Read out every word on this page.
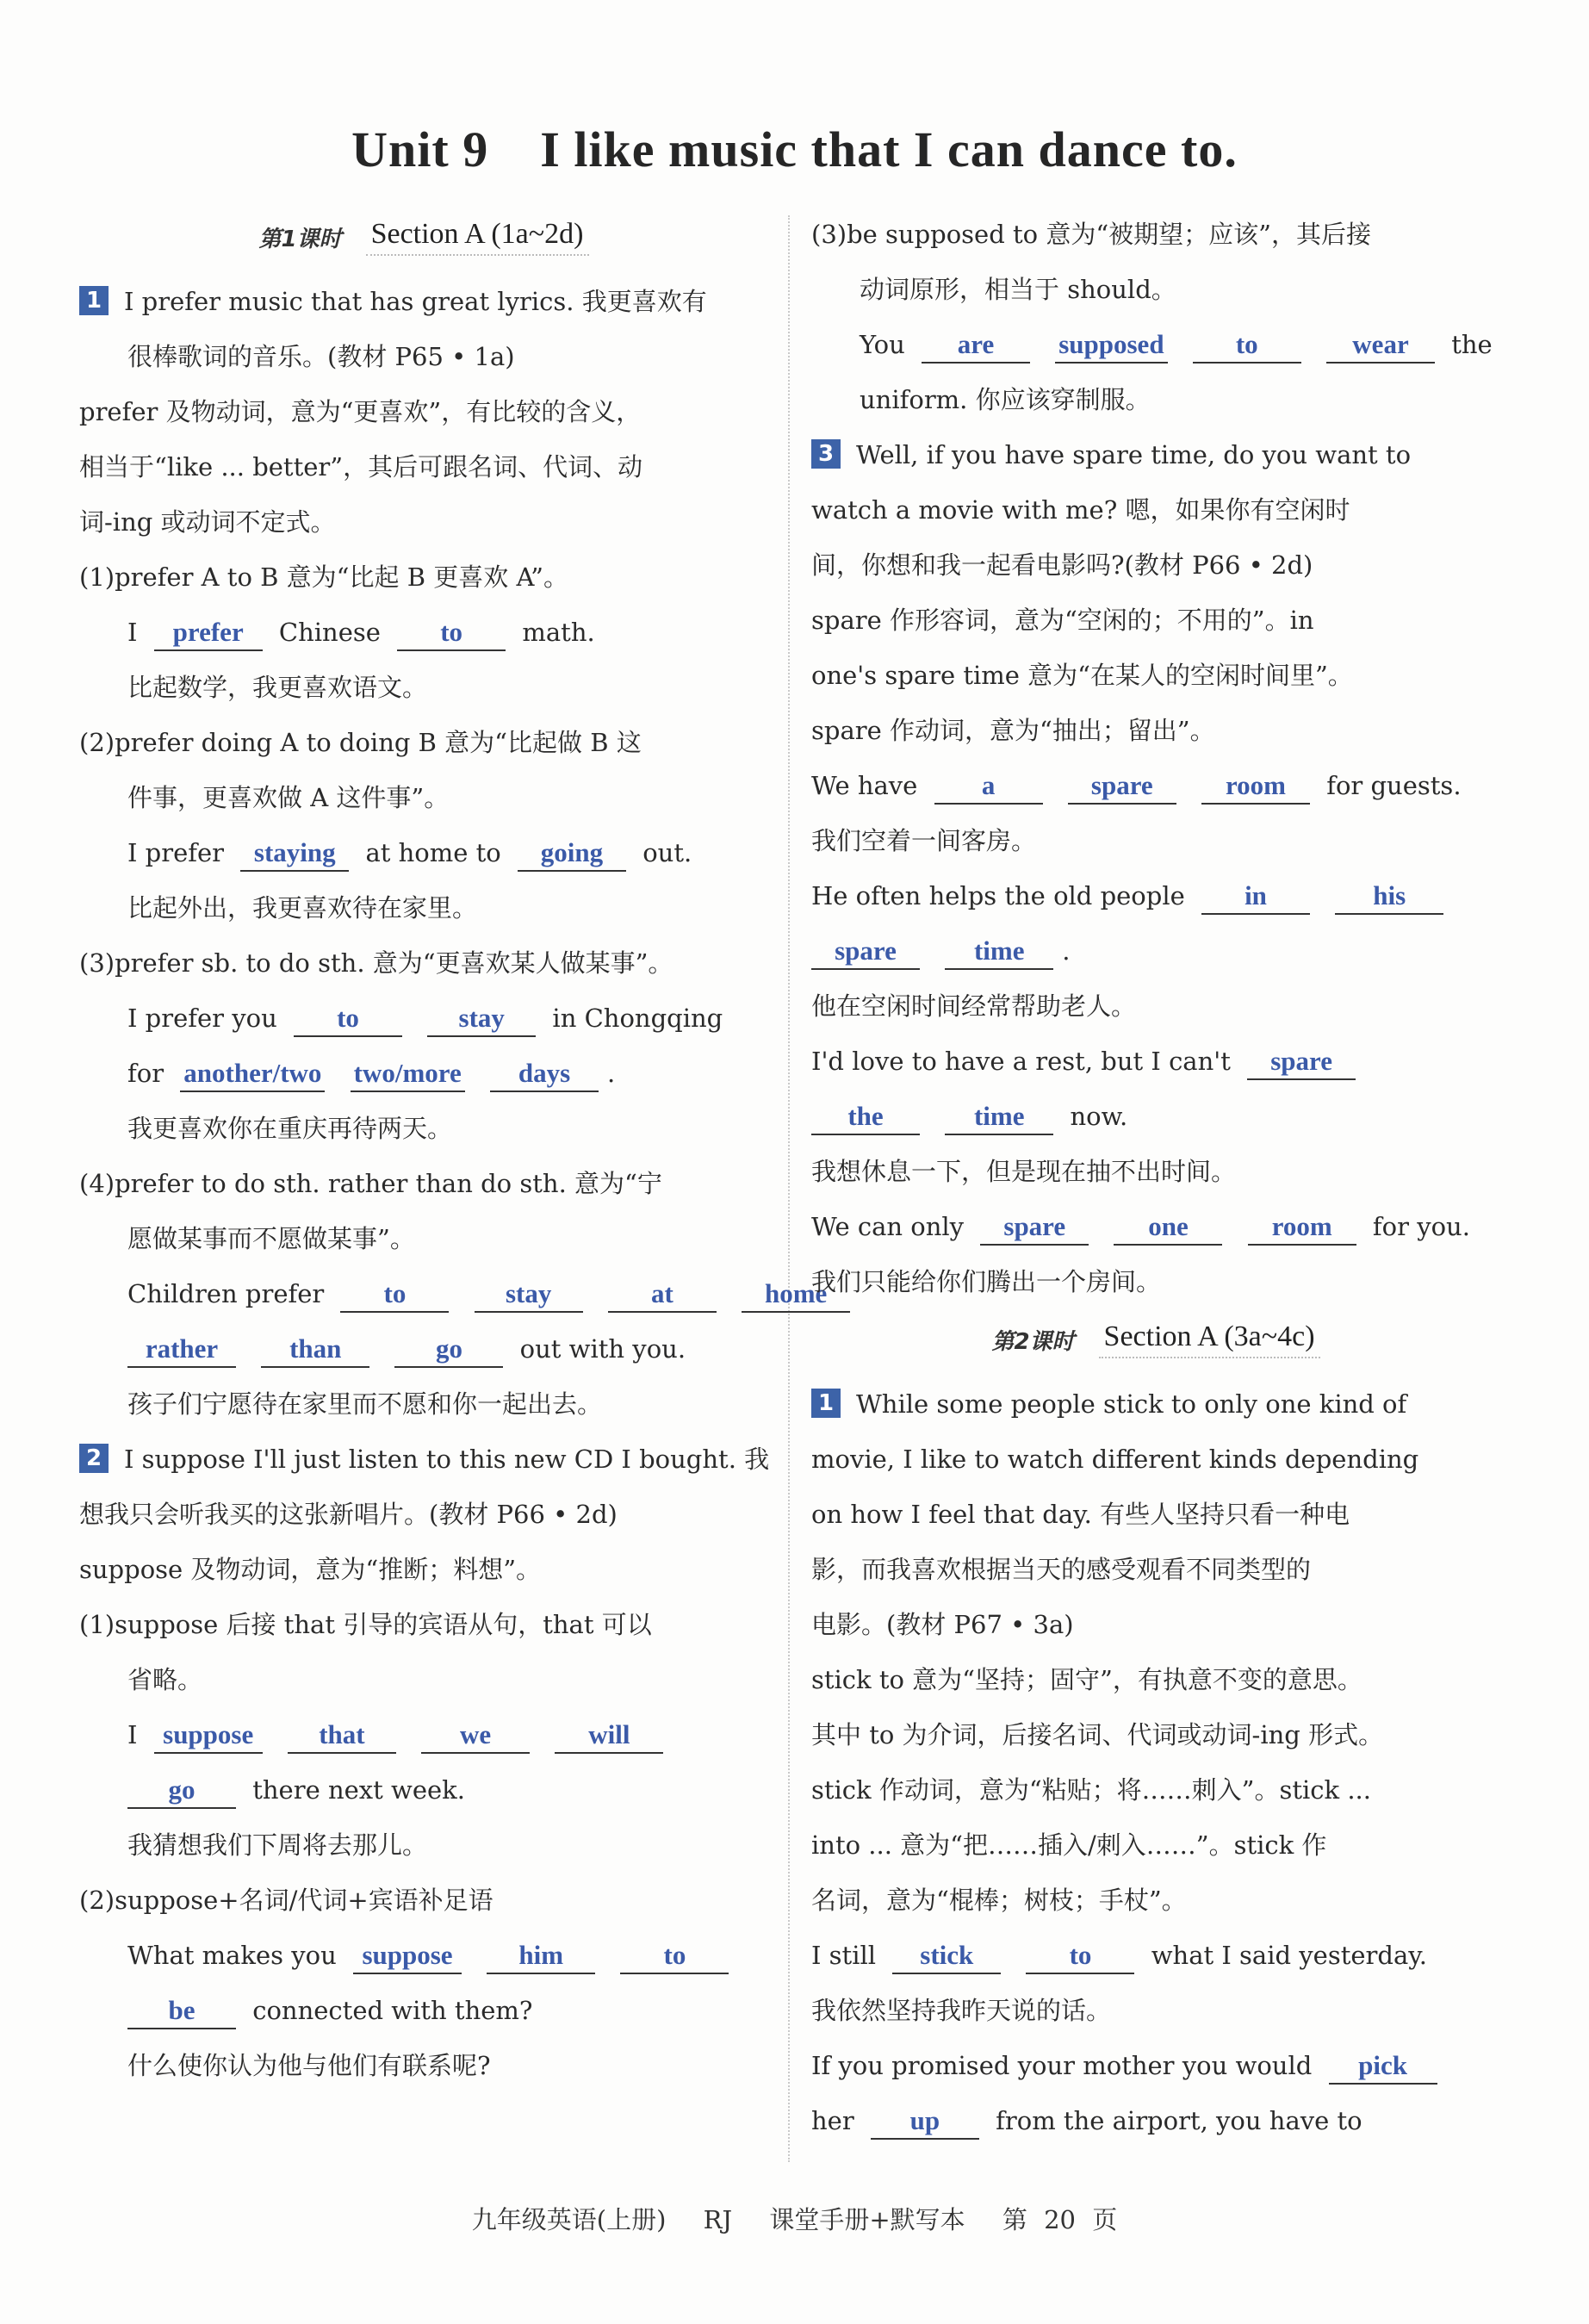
Unit 9 I like music that I can dance to.
第1课时 Section A (1a~2d)
1 I prefer music that has great lyrics. 我更喜欢有
很棒歌词的音乐。(教材 P65 • 1a)
prefer 及物动词，意为“更喜欢”，有比较的含义，
相当于“like ... better”，其后可跟名词、代词、动
词-ing 或动词不定式。
(1)prefer A to B 意为“比起 B 更喜欢 A”。
I prefer Chinese to math.
比起数学，我更喜欢语文。
(2)prefer doing A to doing B 意为“比起做 B 这
件事，更喜欢做 A 这件事”。
I prefer staying at home to going out.
比起外出，我更喜欢待在家里。
(3)prefer sb. to do sth. 意为“更喜欢某人做某事”。
I prefer you to	stay in Chongqing
for another/two two/more days .
我更喜欢你在重庆再待两天。
(4)prefer to do sth. rather than do sth. 意为“宁
愿做某事而不愿做某事”。
Children prefer to	stay	at	home
rather	than	go out with you.
孩子们宁愿待在家里而不愿和你一起出去。
2 I suppose I'll just listen to this new CD I bought. 我
想我只会听我买的这张新唱片。(教材 P66 • 2d)
suppose 及物动词，意为“推断；料想”。
(1)suppose 后接 that 引导的宾语从句，that 可以
省略。
I suppose that	we	will
go there next week.
我猜想我们下周将去那儿。
(2)suppose+名词/代词+宾语补足语
What makes you suppose him	to
be connected with them?
什么使你认为他与他们有联系呢?
(3)be supposed to 意为“被期望；应该”，其后接
动词原形，相当于 should。
You are supposed	to	wear the
uniform. 你应该穿制服。
3 Well, if you have spare time, do you want to
watch a movie with me? 嗯，如果你有空闲时
间，你想和我一起看电影吗?(教材 P66 • 2d)
spare 作形容词，意为“空闲的；不用的”。in
one's spare time 意为“在某人的空闲时间里”。
spare 作动词，意为“抽出；留出”。
We have a	spare	room for guests.
我们空着一间客房。
He often helps the old people in	his
spare	time .
他在空闲时间经常帮助老人。
I'd love to have a rest, but I can't spare
the	time now.
我想休息一下，但是现在抽不出时间。
We can only spare	one	room for you.
我们只能给你们腾出一个房间。
第2课时 Section A (3a~4c)
1 While some people stick to only one kind of
movie, I like to watch different kinds depending
on how I feel that day. 有些人坚持只看一种电
影，而我喜欢根据当天的感受观看不同类型的
电影。(教材 P67 • 3a)
stick to 意为“坚持；固守”，有执意不变的意思。
其中 to 为介词，后接名词、代词或动词-ing 形式。
stick 作动词，意为“粘贴；将……刺入”。stick ...
into ... 意为“把……插入/刺入……”。stick 作
名词，意为“棍棒；树枝；手杖”。
I still stick	to what I said yesterday.
我依然坚持我昨天说的话。
If you promised your mother you would pick
her up from the airport, you have to
九年级英语(上册) RJ 课堂手册+默写本 第 20 页
